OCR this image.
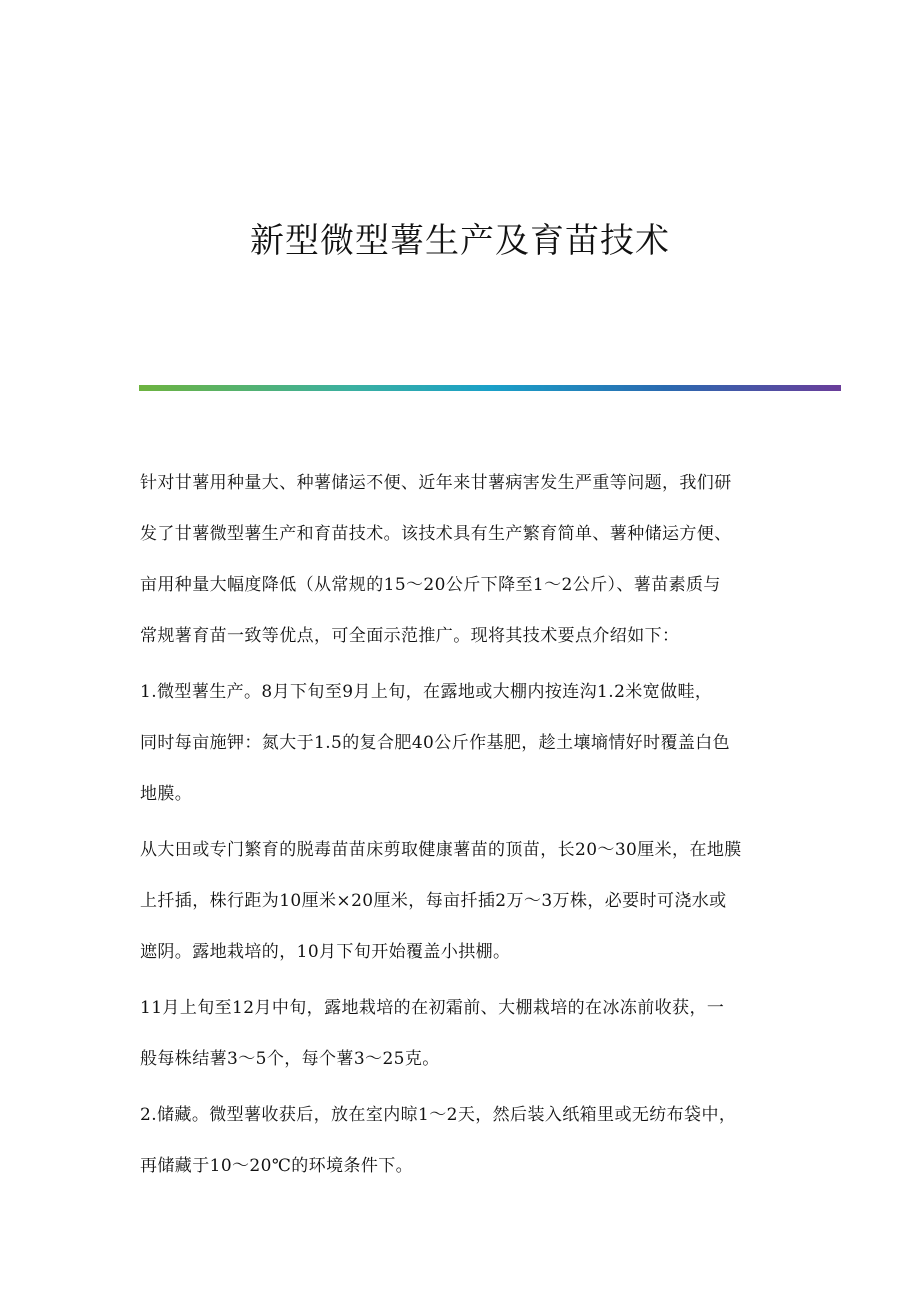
新型微型薯生产及育苗技术

针对甘薯用种量大、种薯储运不便、近年来甘薯病害发生严重等问题，我们研
发了甘薯微型薯生产和育苗技术。该技术具有生产繁育简单、薯种储运方便、
亩用种量大幅度降低（从常规的15～20公斤下降至1～2公斤）、薯苗素质与
常规薯育苗一致等优点，可全面示范推广。现将其技术要点介绍如下：

1.微型薯生产。8月下旬至9月上旬，在露地或大棚内按连沟1.2米宽做畦，
同时每亩施钾：氮大于1.5的复合肥40公斤作基肥，趁土壤墒情好时覆盖白色
地膜。

从大田或专门繁育的脱毒苗苗床剪取健康薯苗的顶苗，长20～30厘米，在地膜
上扦插，株行距为10厘米×20厘米，每亩扦插2万～3万株，必要时可浇水或
遮阴。露地栽培的，10月下旬开始覆盖小拱棚。

11月上旬至12月中旬，露地栽培的在初霜前、大棚栽培的在冰冻前收获，一
般每株结薯3～5个，每个薯3～25克。

2.储藏。微型薯收获后，放在室内晾1～2天，然后装入纸箱里或无纺布袋中，
再储藏于10～20℃的环境条件下。
